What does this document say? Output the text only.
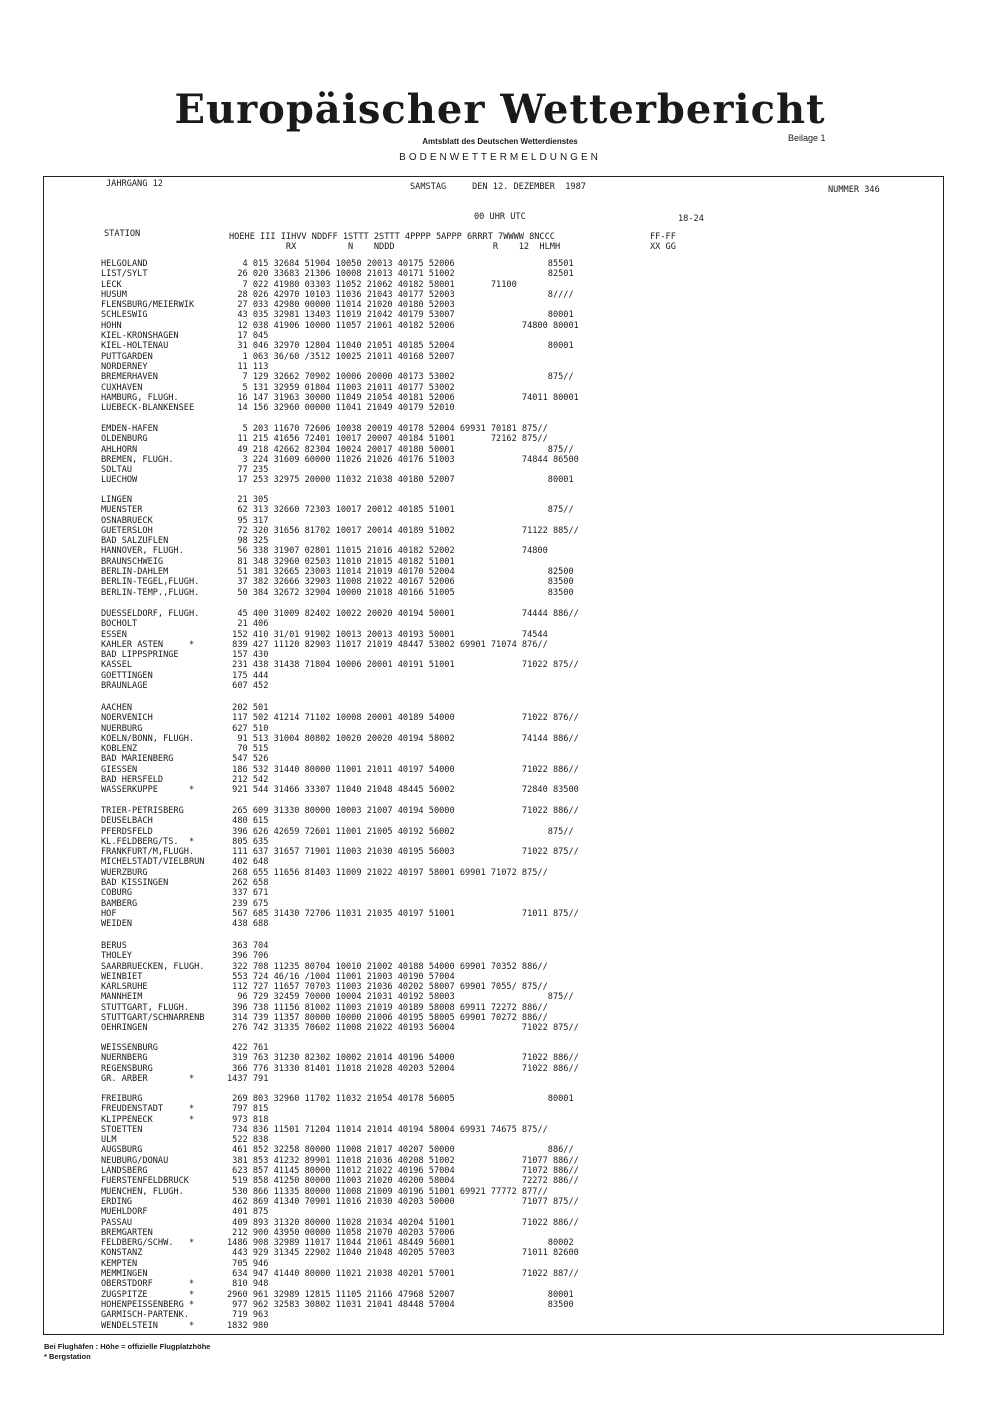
Europäischer Wetterbericht
Amtsblatt des Deutschen Wetterdienstes	Beilage 1
BODENWETTERMELDUNGEN
JAHRGANG 12	SAMSTAG     DEN 12. DEZEMBER  1987	NUMMER 346
00 UHR UTC	18-24
STATION	HOEHE III IIHVV NDDFF 1STTT 2STTT 4PPPP 5APPP 6RRRT 7WWWW 8NCCC	FF-FF
RX          N    NDDD                   R    12  HLMH	XX GG
HELGOLAND	4 015 32684 51904 10050 20013 40175 52006                  85501
LIST/SYLT	26 020 33683 21306 10008 21013 40171 51002                  82501
LECK	7 022 41980 03303 11052 21062 40182 58001       71100
HUSUM	28 026 42970 10103 11036 21043 40177 52003                  8////
FLENSBURG/MEIERWIK	27 033 42980 00000 11014 21020 40180 52003
SCHLESWIG	43 035 32981 13403 11019 21042 40179 53007                  80001
HOHN	12 038 41906 10000 11057 21061 40182 52006             74800 80001
KIEL-KRONSHAGEN	17 045
KIEL-HOLTENAU	31 046 32970 12804 11040 21051 40185 52004                  80001
PUTTGARDEN	1 063 36/60 /3512 10025 21011 40168 52007
NORDERNEY	11 113
BREMERHAVEN	7 129 32662 70902 10006 20000 40173 53002                  875//
CUXHAVEN	5 131 32959 01804 11003 21011 40177 53002
HAMBURG, FLUGH.	16 147 31963 30000 11049 21054 40181 52006             74011 80001
LUEBECK-BLANKENSEE	14 156 32960 00000 11041 21049 40179 52010
EMDEN-HAFEN	5 203 11670 72606 10038 20019 40178 52004 69931 70181 875//
OLDENBURG	11 215 41656 72401 10017 20007 40184 51001       72162 875//
AHLHORN	49 218 42662 82304 10024 20017 40180 50001                  875//
BREMEN, FLUGH.	3 224 31609 60000 11026 21026 40176 51003             74844 86500
SOLTAU	77 235
LUECHOW	17 253 32975 20000 11032 21038 40180 52007                  80001
LINGEN	21 305
MUENSTER	62 313 32660 72303 10017 20012 40185 51001                  875//
OSNABRUECK	95 317
GUETERSLOH	72 320 31656 81702 10017 20014 40189 51002             71122 885//
BAD SALZUFLEN	98 325
HANNOVER, FLUGH.	56 338 31907 02801 11015 21016 40182 52002             74800
BRAUNSCHWEIG	81 348 32960 02503 11010 21015 40182 51001
BERLIN-DAHLEM	51 381 32665 23003 11014 21019 40170 52004                  82500
BERLIN-TEGEL,FLUGH.	37 382 32666 32903 11008 21022 40167 52006                  83500
BERLIN-TEMP.,FLUGH.	50 384 32672 32904 10000 21018 40166 51005                  83500
DUESSELDORF, FLUGH.	45 400 31009 82402 10022 20020 40194 50001             74444 886//
BOCHOLT	21 406
ESSEN	152 410 31/01 91902 10013 20013 40193 50001             74544
KAHLER ASTEN     *	839 427 11120 82903 11017 21019 48447 53002 69901 71074 876//
BAD LIPPSPRINGE	157 430
KASSEL	231 438 31438 71804 10006 20001 40191 51001             71022 875//
GOETTINGEN	175 444
BRAUNLAGE	607 452
AACHEN	202 501
NOERVENICH	117 502 41214 71102 10008 20001 40189 54000             71022 876//
NUERBURG	627 510
KOELN/BONN, FLUGH.	91 513 31004 80802 10020 20020 40194 58002             74144 886//
KOBLENZ	70 515
BAD MARIENBERG	547 526
GIESSEN	186 532 31440 80000 11001 21011 40197 54000             71022 886//
BAD HERSFELD	212 542
WASSERKUPPE      *	921 544 31466 33307 11040 21048 48445 56002             72840 83500
TRIER-PETRISBERG	265 609 31330 80000 10003 21007 40194 50000             71022 886//
DEUSELBACH	480 615
PFERDSFELD	396 626 42659 72601 11001 21005 40192 56002                  875//
KL.FELDBERG/TS.  *	805 635
FRANKFURT/M,FLUGH.	111 637 31657 71901 11003 21030 40195 56003             71022 875//
MICHELSTADT/VIELBRUN	402 648
WUERZBURG	268 655 11656 81403 11009 21022 40197 58001 69901 71072 875//
BAD KISSINGEN	262 658
COBURG	337 671
BAMBERG	239 675
HOF	567 685 31430 72706 11031 21035 40197 51001             71011 875//
WEIDEN	438 688
BERUS	363 704
THOLEY	396 706
SAARBRUECKEN, FLUGH.	322 708 11235 80704 10010 21002 40188 54000 69901 70352 886//
WEINBIET	553 724 46/16 /1004 11001 21003 40190 57004
KARLSRUHE	112 727 11657 70703 11003 21036 40202 58007 69901 7055/ 875//
MANNHEIM	96 729 32459 70000 10004 21031 40192 58003                  875//
STUTTGART, FLUGH.	396 738 11156 81002 11003 21019 40189 58008 69911 72272 886//
STUTTGART/SCHNARRENB	314 739 11357 80000 10000 21006 40195 58005 69901 70272 886//
OEHRINGEN	276 742 31335 70602 11008 21022 40193 56004             71022 875//
WEISSENBURG	422 761
NUERNBERG	319 763 31230 82302 10002 21014 40196 54000             71022 886//
REGENSBURG	366 776 31330 81401 11018 21028 40203 52004             71022 886//
GR. ARBER        *	1437 791
FREIBURG	269 803 32960 11702 11032 21054 40178 56005                  80001
FREUDENSTADT     *	797 815
KLIPPENECK       *	973 818
STOETTEN	734 836 11501 71204 11014 21014 40194 58004 69931 74675 875//
ULM	522 838
AUGSBURG	461 852 32258 80000 11008 21017 40207 50000                  886//
NEUBURG/DONAU	381 853 41232 89901 11018 21036 40208 51002             71077 886//
LANDSBERG	623 857 41145 80000 11012 21022 40196 57004             71072 886//
FUERSTENFELDBRUCK	519 858 41250 80000 11003 21020 40200 58004             72272 886//
MUENCHEN, FLUGH.	530 866 11335 80000 11008 21009 40196 51001 69921 77772 877//
ERDING	462 869 41340 70901 11016 21030 40203 50000             71077 875//
MUEHLDORF	401 875
PASSAU	409 893 31320 80000 11028 21034 40204 51001             71022 886//
BREMGARTEN	212 900 43950 00000 11058 21070 40203 57006
FELDBERG/SCHW.   *	1486 908 32989 11017 11044 21061 48449 56001                  80002
KONSTANZ	443 929 31345 22902 11040 21048 40205 57003             71011 82600
KEMPTEN	705 946
MEMMINGEN	634 947 41440 80000 11021 21038 40201 57001             71022 887//
OBERSTDORF       *	810 948
ZUGSPITZE        *	2960 961 32989 12815 11105 21166 47968 52007                  80001
HOHENPEISSENBERG *	977 962 32583 30802 11031 21041 48448 57004                  83500
GARMISCH-PARTENK.	719 963
WENDELSTEIN      *	1832 980
Bei Flughäfen : Höhe = offizielle Flugplatzhöhe
* Bergstation
